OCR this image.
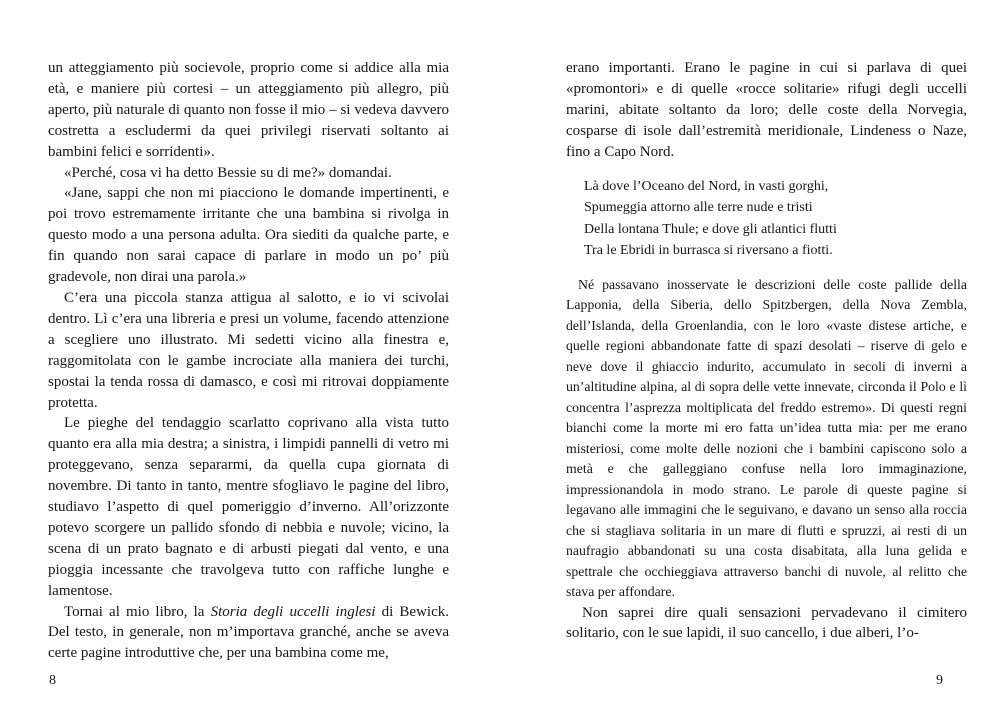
un atteggiamento più socievole, proprio come si addice alla mia età, e maniere più cortesi – un atteggiamento più allegro, più aperto, più naturale di quanto non fosse il mio – si vedeva davvero costretta a escludermi da quei privilegi riservati soltanto ai bambini felici e sorridenti».

«Perché, cosa vi ha detto Bessie su di me?» domandai.

«Jane, sappi che non mi piacciono le domande impertinenti, e poi trovo estremamente irritante che una bambina si rivolga in questo modo a una persona adulta. Ora siediti da qualche parte, e fin quando non sarai capace di parlare in modo un po’ più gradevole, non dirai una parola.»

C’era una piccola stanza attigua al salotto, e io vi scivolai dentro. Lì c’era una libreria e presi un volume, facendo attenzione a scegliere uno illustrato. Mi sedetti vicino alla finestra e, raggomitolata con le gambe incrociate alla maniera dei turchi, spostai la tenda rossa di damasco, e così mi ritrovai doppiamente protetta.

Le pieghe del tendaggio scarlatto coprivano alla vista tutto quanto era alla mia destra; a sinistra, i limpidi pannelli di vetro mi proteggevano, senza separarmi, da quella cupa giornata di novembre. Di tanto in tanto, mentre sfogliavo le pagine del libro, studiavo l’aspetto di quel pomeriggio d’inverno. All’orizzonte potevo scorgere un pallido sfondo di nebbia e nuvole; vicino, la scena di un prato bagnato e di arbusti piegati dal vento, e una pioggia incessante che travolgeva tutto con raffiche lunghe e lamentose.

Tornai al mio libro, la Storia degli uccelli inglesi di Bewick. Del testo, in generale, non m’importava granché, anche se aveva certe pagine introduttive che, per una bambina come me,

erano importanti. Erano le pagine in cui si parlava di quei «promontori» e di quelle «rocce solitarie» rifugi degli uccelli marini, abitate soltanto da loro; delle coste della Norvegia, cosparse di isole dall’estremità meridionale, Lindeness o Naze, fino a Capo Nord.

Là dove l’Oceano del Nord, in vasti gorghi,
Spumeggia attorno alle terre nude e tristi
Della lontana Thule; e dove gli atlantici flutti
Tra le Ebridi in burrasca si riversano a fiotti.

Né passavano inosservate le descrizioni delle coste pallide della Lapponia, della Siberia, dello Spitzbergen, della Nova Zembla, dell’Islanda, della Groenlandia, con le loro «vaste distese artiche, e quelle regioni abbandonate fatte di spazi desolati – riserve di gelo e neve dove il ghiaccio indurito, accumulato in secoli di inverni a un’altitudine alpina, al di sopra delle vette innevate, circonda il Polo e lì concentra l’asprezza moltiplicata del freddo estremo». Di questi regni bianchi come la morte mi ero fatta un’idea tutta mia: per me erano misteriosi, come molte delle nozioni che i bambini capiscono solo a metà e che galleggiano confuse nella loro immaginazione, impressionandola in modo strano. Le parole di queste pagine si legavano alle immagini che le seguivano, e davano un senso alla roccia che si stagliava solitaria in un mare di flutti e spruzzi, ai resti di un naufragio abbandonati su una costa disabitata, alla luna gelida e spettrale che occhieggiava attraverso banchi di nuvole, al relitto che stava per affondare.

Non saprei dire quali sensazioni pervadevano il cimitero solitario, con le sue lapidi, il suo cancello, i due alberi, l’o-

8	9
